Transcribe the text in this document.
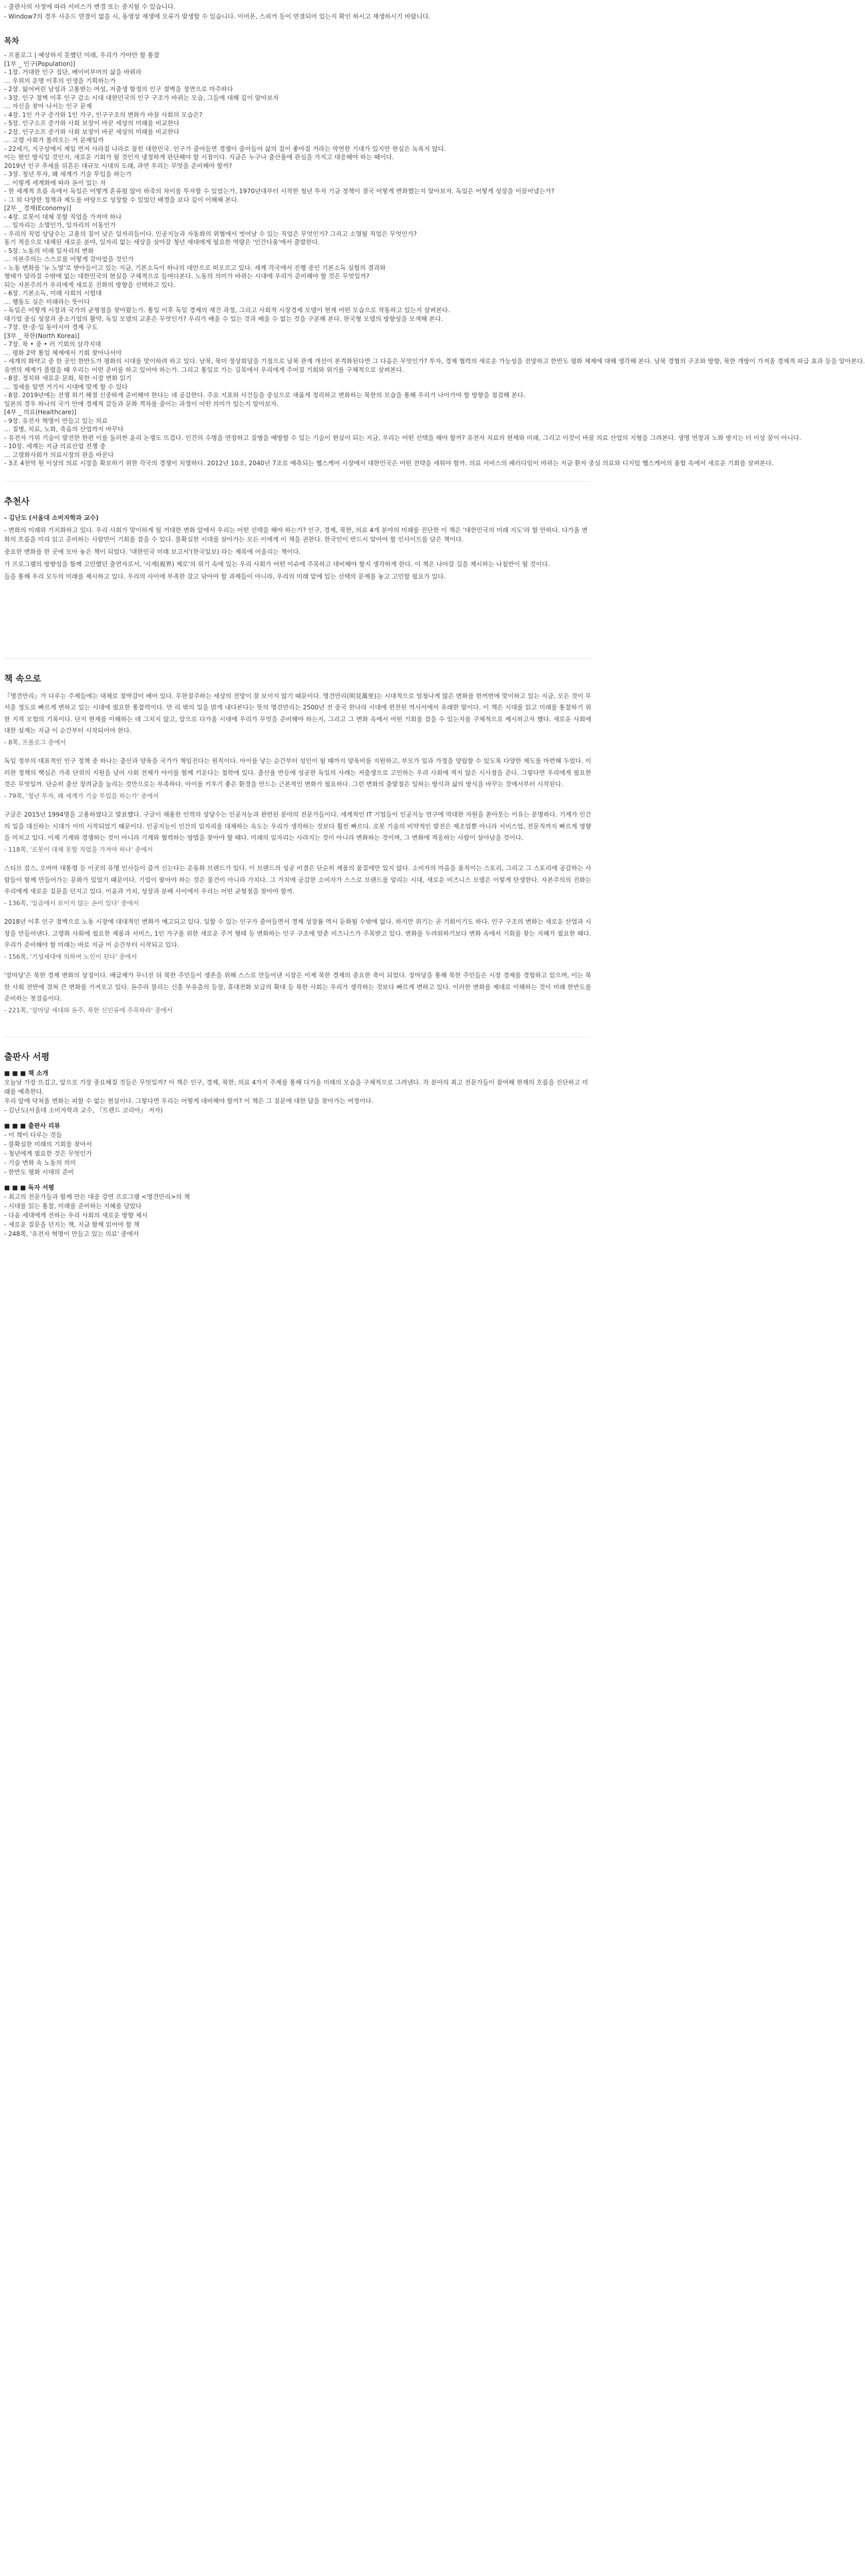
- 출판사의 사정에 따라 서비스가 변경 또는 중지될 수 있습니다.

- Window7의 경우 사운드 연결이 없을 시, 동영상 재생에 오류가 발생할 수 있습니다. 이어폰, 스피커 등이 연결되어 있는지 확인 하시고 재생하시기 바랍니다.

목차

- 프롤로그 | 예상하지 못했던 미래, 우리가 가야만 할 통찰

[1부 _ 인구(Population)]

- 1장. 거대한 인구 집단, 베이비부머의 삶을 바꿔라

… 우위의 운명 이후의 인생을 기획하는가

- 2장. 잃어버린 남성과 고통받는 여성, 저출생 함정의 인구 절벽을 정면으로 마주하다

- 3장. 인구 절벽 이후 인구 감소 시대 대한민국의 인구 구조가 바뀌는 모습, 그들에 대해 깊이 알아보자

… 자신을 찾아 나서는 인구 문제

- 4장. 1인 가구 증가와 1인 가구, 인구구조의 변화가 바꿀 사회의 모습은?

- 5장. 인구소프 증가와 사회 보장이 바꾼 세상의 미래를 비교한다

- 2장. 인구소프 증가와 사회 보장이 바꾼 세상의 미래를 비교한다

… 고령 사회가 몰려오는 거 문제일까

- 22세기, 지구상에서 제일 먼저 사라질 나라로 꼽힌 대한민국. 인구가 줄어들면 경쟁이 줄어들어 삶의 질이 좋아질 거라는 막연한 기대가 있지만 현실은 녹록지 않다.

이는 현인 방식일 것인지, 새로운 기회가 될 것인지 냉정하게 판단해야 할 시점이다. 지금은 누구나 출산율에 관심을 가지고 대응해야 하는 때이다.

2019년 인구 추세를 뒤흔든 대규모 시대의 도래, 과연 우리는 무엇을 준비해야 할까?

- 3장. 청년 투자, 왜 세계가 기술 투입을 하는가

… 이렇게 세계화에 따라 돈이 있는 자

- 한 세계적 흐름 속에서 독일은 어떻게 혼류될 않아 하죽의 차이를 투자할 수 있었는가, 1970년대부터 시작한 청년 투자 기금 정책이 결국 어떻게 변화했는지 알아보자. 독일은 어떻게 성장을 이끌어냈는가?

- 그 외 다양한 정책과 제도를 바탕으로 성장할 수 있었던 배경을 보다 깊이 이해해 본다.

[2부 _ 경제(Economy)]

- 4장. 로봇이 대체 못할 직업을 가져야 하나

… 일자리는 소멸인가, 일자리의 이동인가

- 우리의 직업 상당수는 고용의 질이 낮은 일자리들이다. 인공지능과 자동화의 위협에서 벗어날 수 있는 직업은 무엇인가? 그리고 소멸될 직업은 무엇인가?

동기 적응으로 대체된 새로운 분야, 일자리 없는 세상을 살아갈 청년 세대에게 필요한 역량은 '인간다움'에서 출발한다.

- 5장. 노동의 미래 일자리의 변화

… 자본주의는 스스로를 어떻게 갈아엎을 것인가

- 노동 변화를 '뉴 노멀'로 받아들이고 있는 지금, 기본소득이 하나의 대안으로 떠오르고 있다. 세계 각국에서 진행 중인 기본소득 실험의 결과와

형태가 달라질 수밖에 없는 대한민국의 현실을 구체적으로 들여다본다. 노동의 의미가 바뀌는 시대에 우리가 준비해야 할 것은 무엇일까?

되는 자본주의가 우리에게 새로운 진화의 방향을 선택하고 있다.

- 6장. 기본소득, 미래 사회의 시험대

… 행동도 실은 미래라는 뜻이다

- 독일은 어떻게 시장과 국가의 균형점을 찾아왔는가. 통일 이후 독일 경제의 재건 과정, 그리고 사회적 시장경제 모델이 현재 어떤 모습으로 작동하고 있는지 살펴본다.

대기업 중심 성장과 중소기업의 활약, 독일 모델의 교훈은 무엇인가? 우리가 배울 수 있는 것과 배울 수 없는 것을 구분해 본다. 한국형 모델의 방향성을 모색해 본다.

- 7장. 한·중·일 동아시아 경제 구도

[3부 _ 북한(North Korea)]

- 7장. 북 • 중 • 러 기회의 삼각지대

… 평화 2막 통일 체제에서 기회 찾아나서야

- 세계의 화약고 중 한 곳인 한반도가 평화의 시대를 맞이하려 하고 있다. 남북, 북미 정상회담을 기점으로 남북 관계 개선이 본격화된다면 그 다음은 무엇인가? 투자, 경제 협력의 새로운 가능성을 전망하고 한반도 평화 체제에 대해 생각해 본다. 남북 경협의 구조와 방향, 북한 개방이 가져올 경제적 파급 효과 등을 알아본다.

유엔의 제재가 풀렸을 때 우리는 어떤 준비를 하고 있어야 하는가. 그리고 통일로 가는 길목에서 우리에게 주어질 기회와 위기를 구체적으로 살펴본다.

- 8장. 정치와 새로운 문화, 북한 시장 변화 읽기

… 정세를 알면 거기서 시대에 맞게 할 수 있다

- 8장. 2019년에는 전쟁 위기 해결 신중하게 준비해야 한다는 데 공감한다. 주요 지표와 사건들을 중심으로 새롭게 정리하고 변화하는 북한의 모습을 통해 우리가 나아가야 할 방향을 점검해 본다.

일본의 경우 하나의 국가 안에 경제적 갈등과 문화 격차를 줄이는 과정이 어떤 의미가 있는지 알아보자.

[4부 _ 의료(Healthcare)]

- 9장. 유전자 혁명이 만들고 있는 의료

… 질병, 치료, 노화, 죽음의 산업까지 바꾸다

- 유전자 가위 기술이 발전한 한편 이를 둘러싼 윤리 논쟁도 뜨겁다. 인간의 수명을 연장하고 질병을 예방할 수 있는 기술이 현실이 되는 지금, 우리는 어떤 선택을 해야 할까? 유전자 치료의 현재와 미래, 그리고 이것이 바꿀 의료 산업의 지형을 그려본다. 생명 연장과 노화 방지는 더 이상 꿈이 아니다.

- 10장. 세계는 지금 의료산업 전쟁 중

… 고령화사회가 의료시장의 판을 바꾼다

- 3조 4천억 원 이상의 의료 시장을 확보하기 위한 각국의 경쟁이 치열하다. 2012년 10조, 2040년 7조로 예측되는 헬스케어 시장에서 대한민국은 어떤 전략을 세워야 할까. 의료 서비스의 패러다임이 바뀌는 지금 환자 중심 의료와 디지털 헬스케어의 융합 속에서 새로운 기회를 살펴본다.

추천사

- 김난도 (서울대 소비자학과 교수)

- 변화의 미래와 가치화하고 있다. 우리 사회가 맞이하게 될 거대한 변화 앞에서 우리는 어떤 선택을 해야 하는가? 인구, 경제, 북한, 의료 4개 분야의 미래를 진단한 이 책은 '대한민국의 미래 지도'라 할 만하다. 다가올 변화의 흐름을 미리 읽고 준비하는 사람만이 기회를 잡을 수 있다. 불확실한 시대를 살아가는 모든 이에게 이 책을 권한다. 한국인이 반드시 알아야 할 인사이트를 담은 책이다.

중요한 변화를 한 곳에 모아 놓은 책이 되었다. '대한민국 미래 보고서'(한국일보) 라는 제목에 어울리는 책이다.

가 프로그램의 방향성을 함께 고민했던 출연자로서, '시계(視界) 제로'의 위기 속에 있는 우리 사회가 어떤 이슈에 주목하고 대비해야 할지 생각하게 한다. 이 책은 나아갈 길을 제시하는 나침반이 될 것이다.

들을 통해 우리 모두의 미래를 제시하고 있다. 우리의 사이에 부족한 갈고 닦아야 할 과제들이 아니라, 우리의 미래 앞에 있는 선택의 문제를 놓고 고민할 필요가 있다.

책 속으로

『명견만리』가 다루는 주제들에는 대체로 절박감이 배어 있다. 무한질주하는 세상의 전망이 잘 보이지 않기 때문이다. 명견만리(明見萬里)는 시대적으로 엄청나게 많은 변화를 한꺼번에 맞이하고 있는 지금, 모든 것이 무서울 정도로 빠르게 변하고 있는 시대에 필요한 통찰력이다. 만 리 밖의 일을 밝게 내다본다는 뜻의 명견만리는 2500년 전 중국 한나라 시대에 편찬된 역사서에서 유래한 말이다. 이 책은 시대를 읽고 미래를 통찰하기 위한 지적 모험의 기록이다. 단지 현재를 이해하는 데 그치지 않고, 앞으로 다가올 시대에 우리가 무엇을 준비해야 하는지, 그리고 그 변화 속에서 어떤 기회를 잡을 수 있는지를 구체적으로 제시하고자 했다. 새로운 사회에 대한 설계는 지금 이 순간부터 시작되어야 한다.

- 8쪽, 프롤로그 중에서

독일 정부의 대표적인 인구 정책 중 하나는 출산과 양육을 국가가 책임진다는 원칙이다. 아이를 낳는 순간부터 성인이 될 때까지 양육비를 지원하고, 부모가 일과 가정을 양립할 수 있도록 다양한 제도를 마련해 두었다. 이러한 정책의 핵심은 가족 단위의 지원을 넘어 사회 전체가 아이를 함께 키운다는 철학에 있다. 출산율 반등에 성공한 독일의 사례는 저출생으로 고민하는 우리 사회에 적지 않은 시사점을 준다. 그렇다면 우리에게 필요한 것은 무엇일까. 단순히 출산 장려금을 늘리는 것만으로는 부족하다. 아이를 키우기 좋은 환경을 만드는 근본적인 변화가 필요하다. 그런 변화의 출발점은 일하는 방식과 삶의 방식을 바꾸는 것에서부터 시작된다.

- 79쪽, '청년 투자, 왜 세계가 기술 투입을 하는가' 중에서

구글은 2015년 1994명을 고용하였다고 발표했다. 구글이 채용한 인력의 상당수는 인공지능과 관련된 분야의 전문가들이다. 세계적인 IT 기업들이 인공지능 연구에 막대한 자원을 쏟아붓는 이유는 분명하다. 기계가 인간의 일을 대신하는 시대가 이미 시작되었기 때문이다. 인공지능이 인간의 일자리를 대체하는 속도는 우리가 생각하는 것보다 훨씬 빠르다. 로봇 기술의 비약적인 발전은 제조업뿐 아니라 서비스업, 전문직까지 빠르게 영향을 미치고 있다. 이제 기계와 경쟁하는 것이 아니라 기계와 협력하는 방법을 찾아야 할 때다. 미래의 일자리는 사라지는 것이 아니라 변화하는 것이며, 그 변화에 적응하는 사람이 살아남을 것이다.

- 118쪽, '로봇이 대체 못할 직업을 가져야 하나' 중에서

스티브 잡스, 오바마 대통령 등 이곳의 유명 인사들이 즐겨 신는다는 운동화 브랜드가 있다. 이 브랜드의 성공 비결은 단순히 제품의 품질에만 있지 않다. 소비자의 마음을 움직이는 스토리, 그리고 그 스토리에 공감하는 사람들이 함께 만들어가는 문화가 있었기 때문이다. 기업이 팔아야 하는 것은 물건이 아니라 가치다. 그 가치에 공감한 소비자가 스스로 브랜드를 알리는 시대, 새로운 비즈니스 모델은 이렇게 탄생한다. 자본주의의 진화는 우리에게 새로운 질문을 던지고 있다. 이윤과 가치, 성장과 분배 사이에서 우리는 어떤 균형점을 찾아야 할까.

- 136쪽, '일곱에서 보이지 않는 손이 있다' 중에서

2018년 이후 인구 절벽으로 노동 시장에 대대적인 변화가 예고되고 있다. 일할 수 있는 인구가 줄어들면서 경제 성장률 역시 둔화될 수밖에 없다. 하지만 위기는 곧 기회이기도 하다. 인구 구조의 변화는 새로운 산업과 시장을 만들어낸다. 고령화 사회에 필요한 제품과 서비스, 1인 가구를 위한 새로운 주거 형태 등 변화하는 인구 구조에 맞춘 비즈니스가 주목받고 있다. 변화를 두려워하기보다 변화 속에서 기회를 찾는 지혜가 필요한 때다. 우리가 준비해야 할 미래는 바로 지금 이 순간부터 시작되고 있다.

- 156쪽, '기성세대에 의하여 노인이 된다' 중에서

'장마당'은 북한 경제 변화의 상징이다. 배급제가 무너진 뒤 북한 주민들이 생존을 위해 스스로 만들어낸 시장은 이제 북한 경제의 중요한 축이 되었다. 장마당을 통해 북한 주민들은 시장 경제를 경험하고 있으며, 이는 북한 사회 전반에 걸쳐 큰 변화를 가져오고 있다. 돈주라 불리는 신흥 부유층의 등장, 휴대전화 보급의 확대 등 북한 사회는 우리가 생각하는 것보다 빠르게 변하고 있다. 이러한 변화를 제대로 이해하는 것이 미래 한반도를 준비하는 첫걸음이다.

- 221쪽, '장마당 세대와 돈주, 북한 신인류에 주목하라' 중에서

출판사 서평

■ ■ ■ 책 소개

오늘날 가장 뜨겁고, 앞으로 가장 중요해질 것들은 무엇일까? 이 책은 인구, 경제, 북한, 의료 4가지 주제를 통해 다가올 미래의 모습을 구체적으로 그려낸다. 각 분야의 최고 전문가들이 참여해 현재의 흐름을 진단하고 미래를 예측한다.

우리 앞에 닥쳐올 변화는 피할 수 없는 현실이다. 그렇다면 우리는 어떻게 대비해야 할까? 이 책은 그 질문에 대한 답을 찾아가는 여정이다.

- 김난도(서울대 소비자학과 교수, 『트렌드 코리아』 저자)

■ ■ ■ 출판사 리뷰

- 이 책이 다루는 것들

- 불확실한 미래의 기회를 찾아서

- 청년에게 필요한 것은 무엇인가

- 기술 변화 속 노동의 의미

- 한반도 평화 시대의 준비

■ ■ ■ 독자 서평

- 최고의 전문가들과 함께 만든 대중 강연 프로그램 <명견만리>의 책

- 시대를 읽는 통찰, 미래를 준비하는 지혜를 담았다

- 다음 세대에게 전하는 우리 사회의 새로운 방향 제시

- 새로운 질문을 던지는 책, 지금 함께 읽어야 할 책

- 248쪽, '유전자 혁명이 만들고 있는 의료' 중에서
